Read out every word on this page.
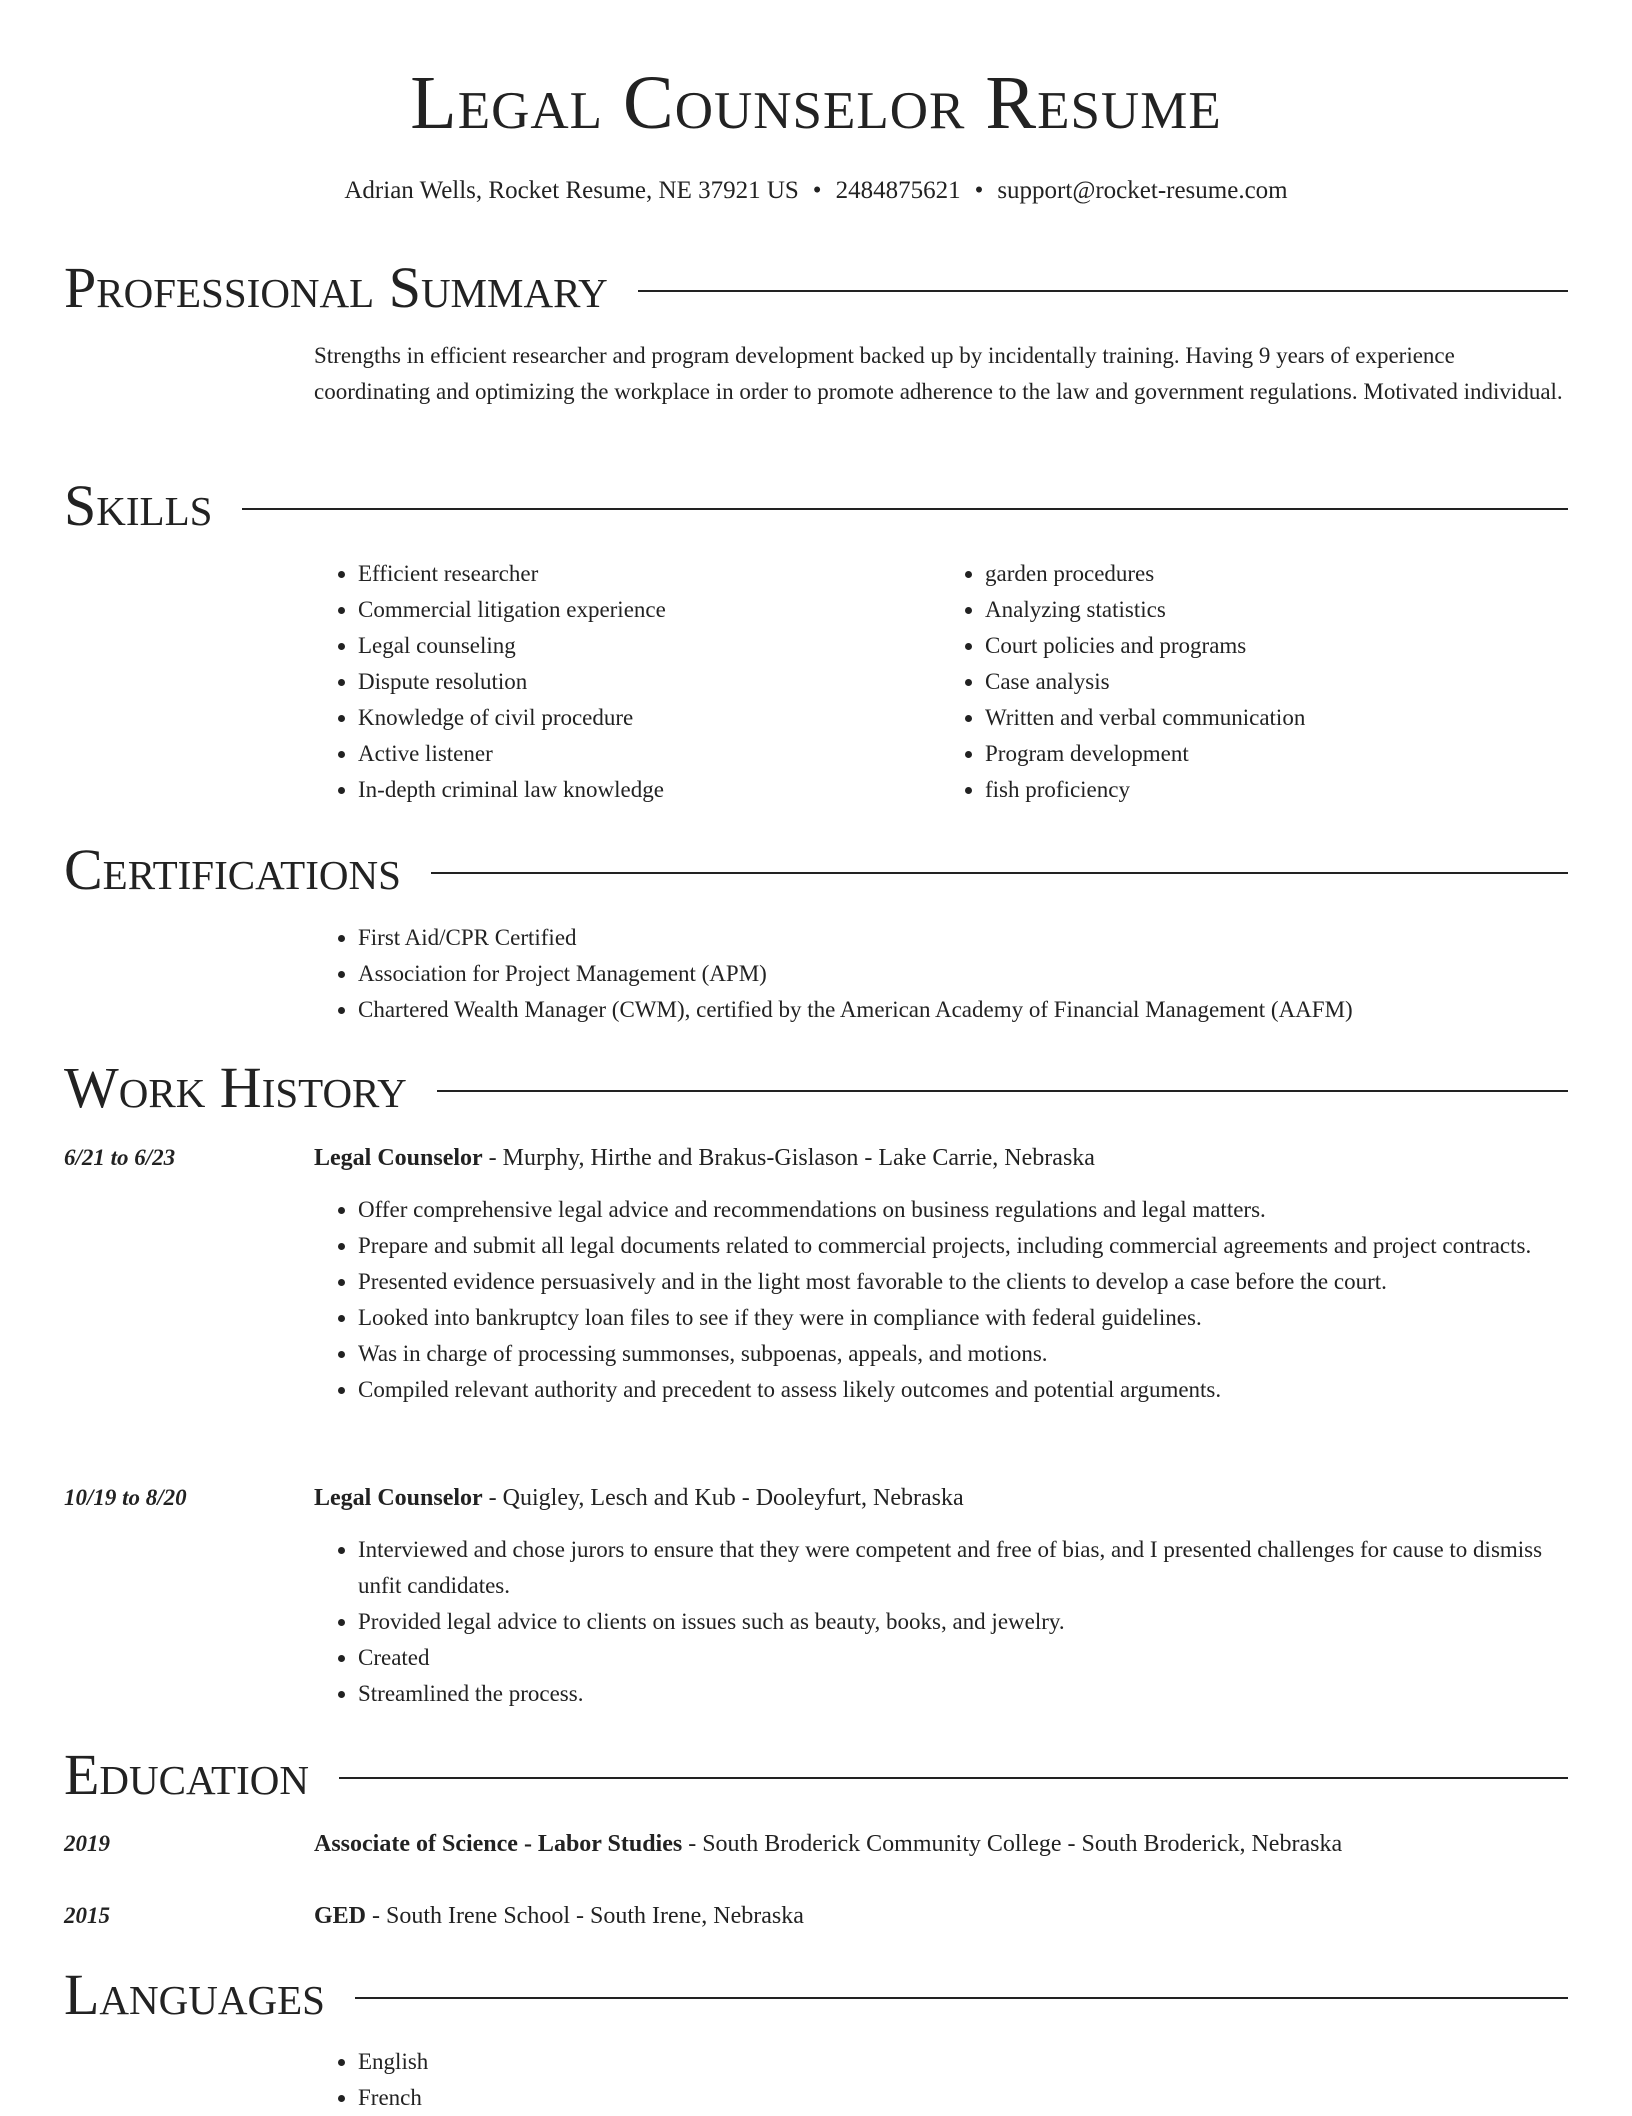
Legal Counselor Resume
Adrian Wells, Rocket Resume, NE 37921 US • 2484875621 • support@rocket-resume.com
Professional Summary

Strengths in efficient researcher and program development backed up by incidentally training. Having 9 years of experience coordinating and optimizing the workplace in order to promote adherence to the law and government regulations. Motivated individual.

Skills
• Efficient researcher
• Commercial litigation experience
• Legal counseling
• Dispute resolution
• Knowledge of civil procedure
• Active listener
• In-depth criminal law knowledge
• garden procedures
• Analyzing statistics
• Court policies and programs
• Case analysis
• Written and verbal communication
• Program development
• fish proficiency
Certifications
• First Aid/CPR Certified
• Association for Project Management (APM)
• Chartered Wealth Manager (CWM), certified by the American Academy of Financial Management (AAFM)
Work History
6/21 to 6/23	Legal Counselor - Murphy, Hirthe and Brakus-Gislason - Lake Carrie, Nebraska
• Offer comprehensive legal advice and recommendations on business regulations and legal matters.
• Prepare and submit all legal documents related to commercial projects, including commercial agreements and project contracts.
• Presented evidence persuasively and in the light most favorable to the clients to develop a case before the court.
• Looked into bankruptcy loan files to see if they were in compliance with federal guidelines.
• Was in charge of processing summonses, subpoenas, appeals, and motions.
• Compiled relevant authority and precedent to assess likely outcomes and potential arguments.
10/19 to 8/20	Legal Counselor - Quigley, Lesch and Kub - Dooleyfurt, Nebraska
• Interviewed and chose jurors to ensure that they were competent and free of bias, and I presented challenges for cause to dismiss unfit candidates.
• Provided legal advice to clients on issues such as beauty, books, and jewelry.
• Created
• Streamlined the process.
Education
2019	Associate of Science - Labor Studies - South Broderick Community College - South Broderick, Nebraska
2015	GED - South Irene School - South Irene, Nebraska
Languages
• English
• French
